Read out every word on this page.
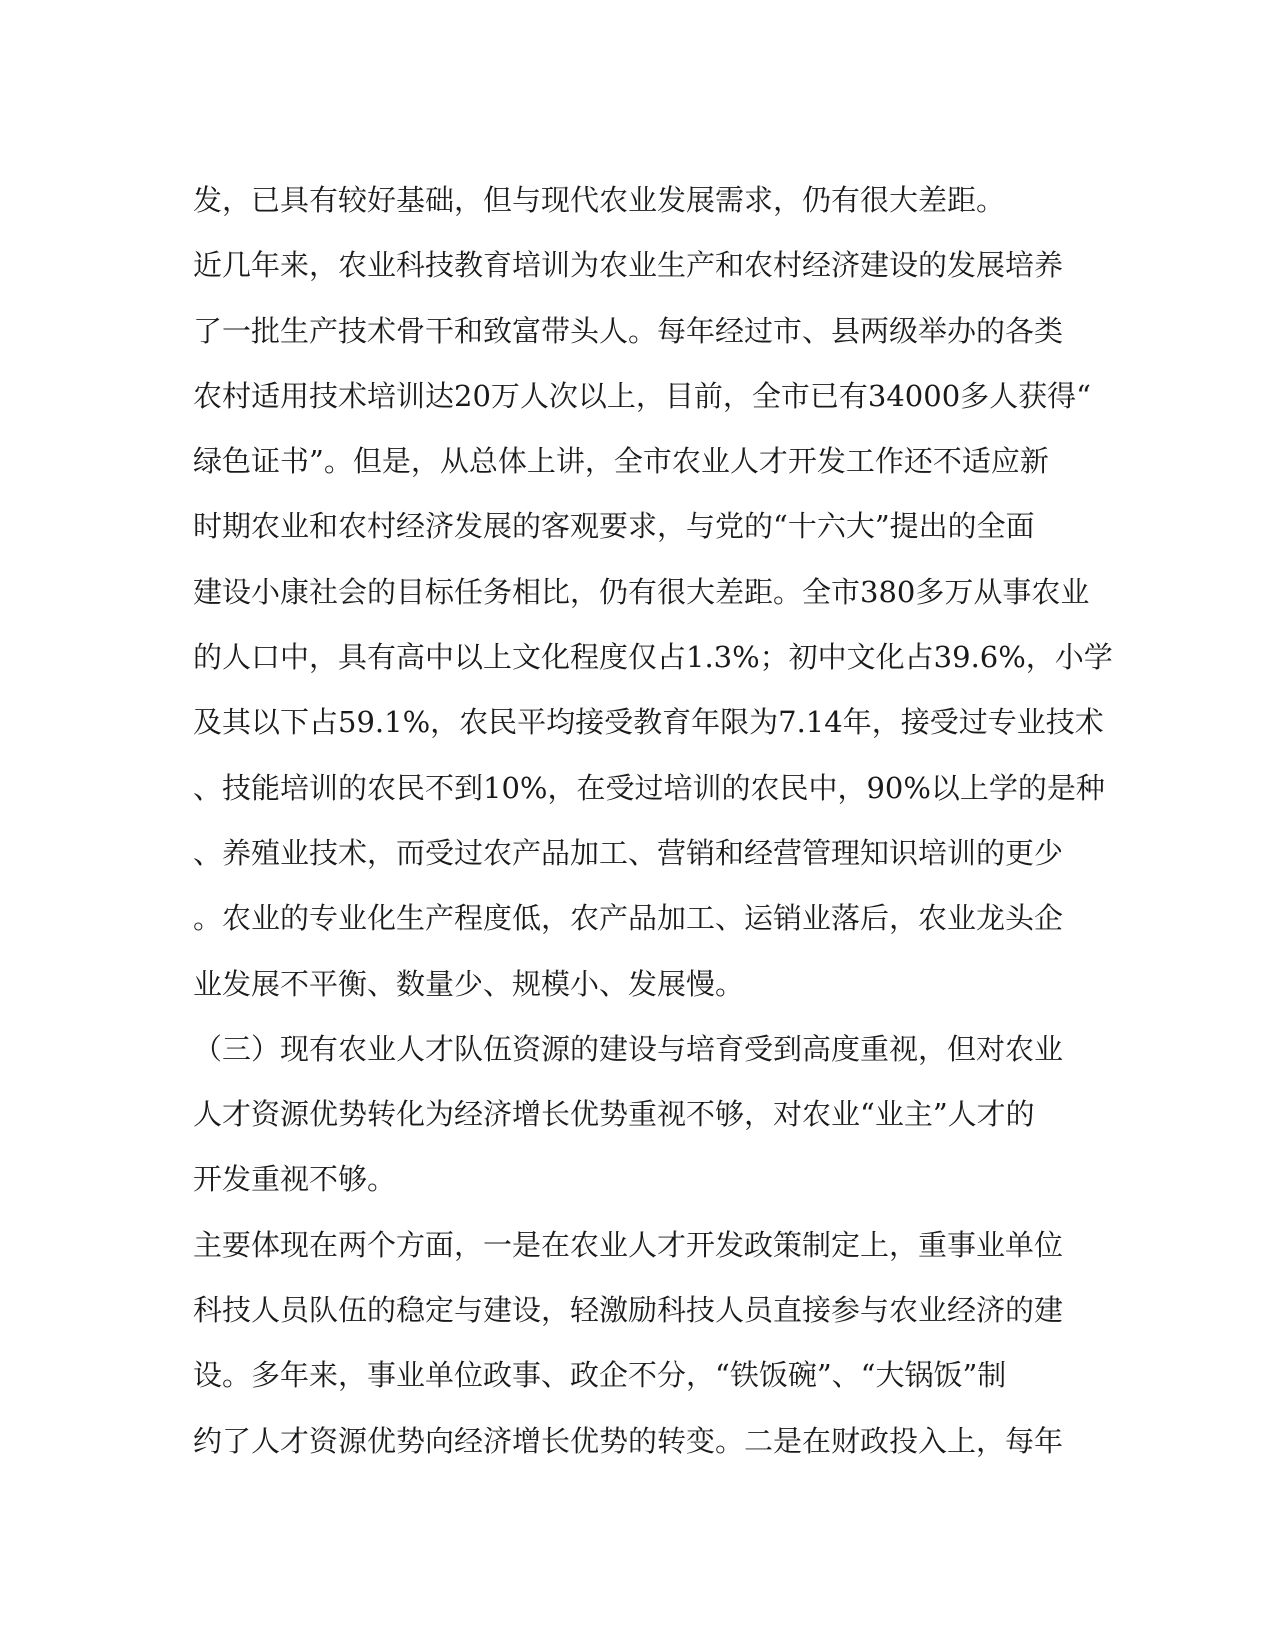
发，已具有较好基础，但与现代农业发展需求，仍有很大差距。
近几年来，农业科技教育培训为农业生产和农村经济建设的发展培养
了一批生产技术骨干和致富带头人。每年经过市、县两级举办的各类
农村适用技术培训达20万人次以上，目前，全市已有34000多人获得“
绿色证书”。但是，从总体上讲，全市农业人才开发工作还不适应新
时期农业和农村经济发展的客观要求，与党的“十六大”提出的全面
建设小康社会的目标任务相比，仍有很大差距。全市380多万从事农业
的人口中，具有高中以上文化程度仅占1.3%；初中文化占39.6%，小学
及其以下占59.1%，农民平均接受教育年限为7.14年，接受过专业技术
、技能培训的农民不到10%，在受过培训的农民中，90%以上学的是种
、养殖业技术，而受过农产品加工、营销和经营管理知识培训的更少
。农业的专业化生产程度低，农产品加工、运销业落后，农业龙头企
业发展不平衡、数量少、规模小、发展慢。
（三）现有农业人才队伍资源的建设与培育受到高度重视，但对农业
人才资源优势转化为经济增长优势重视不够，对农业“业主”人才的
开发重视不够。
主要体现在两个方面，一是在农业人才开发政策制定上，重事业单位
科技人员队伍的稳定与建设，轻激励科技人员直接参与农业经济的建
设。多年来，事业单位政事、政企不分，“铁饭碗”、“大锅饭”制
约了人才资源优势向经济增长优势的转变。二是在财政投入上，每年
